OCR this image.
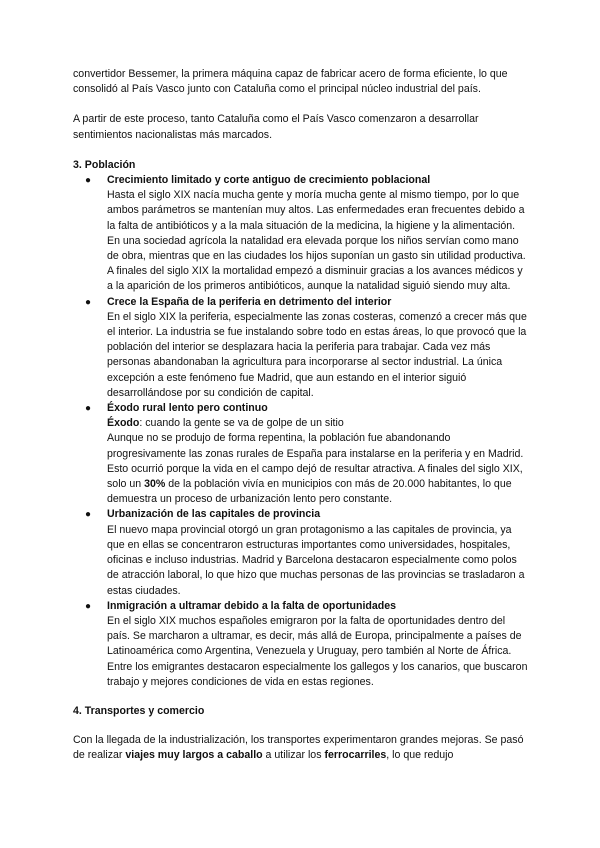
convertidor Bessemer, la primera máquina capaz de fabricar acero de forma eficiente, lo que consolidó al País Vasco junto con Cataluña como el principal núcleo industrial del país.

A partir de este proceso, tanto Cataluña como el País Vasco comenzaron a desarrollar sentimientos nacionalistas más marcados.

3. Población

● Crecimiento limitado y corte antiguo de crecimiento poblacional

Hasta el siglo XIX nacía mucha gente y moría mucha gente al mismo tiempo, por lo que ambos parámetros se mantenían muy altos. Las enfermedades eran frecuentes debido a la falta de antibióticos y a la mala situación de la medicina, la higiene y la alimentación. En una sociedad agrícola la natalidad era elevada porque los niños servían como mano de obra, mientras que en las ciudades los hijos suponían un gasto sin utilidad productiva. A finales del siglo XIX la mortalidad empezó a disminuir gracias a los avances médicos y a la aparición de los primeros antibióticos, aunque la natalidad siguió siendo muy alta.

● Crece la España de la periferia en detrimento del interior

En el siglo XIX la periferia, especialmente las zonas costeras, comenzó a crecer más que el interior. La industria se fue instalando sobre todo en estas áreas, lo que provocó que la población del interior se desplazara hacia la periferia para trabajar. Cada vez más personas abandonaban la agricultura para incorporarse al sector industrial. La única excepción a este fenómeno fue Madrid, que aun estando en el interior siguió desarrollándose por su condición de capital.

● Éxodo rural lento pero continuo

Éxodo: cuando la gente se va de golpe de un sitio

Aunque no se produjo de forma repentina, la población fue abandonando progresivamente las zonas rurales de España para instalarse en la periferia y en Madrid. Esto ocurrió porque la vida en el campo dejó de resultar atractiva. A finales del siglo XIX, solo un 30% de la población vivía en municipios con más de 20.000 habitantes, lo que demuestra un proceso de urbanización lento pero constante.

● Urbanización de las capitales de provincia

El nuevo mapa provincial otorgó un gran protagonismo a las capitales de provincia, ya que en ellas se concentraron estructuras importantes como universidades, hospitales, oficinas e incluso industrias. Madrid y Barcelona destacaron especialmente como polos de atracción laboral, lo que hizo que muchas personas de las provincias se trasladaron a estas ciudades.

● Inmigración a ultramar debido a la falta de oportunidades

En el siglo XIX muchos españoles emigraron por la falta de oportunidades dentro del país. Se marcharon a ultramar, es decir, más allá de Europa, principalmente a países de Latinoamérica como Argentina, Venezuela y Uruguay, pero también al Norte de África. Entre los emigrantes destacaron especialmente los gallegos y los canarios, que buscaron trabajo y mejores condiciones de vida en estas regiones.

4. Transportes y comercio

Con la llegada de la industrialización, los transportes experimentaron grandes mejoras. Se pasó de realizar viajes muy largos a caballo a utilizar los ferrocarriles, lo que redujo
